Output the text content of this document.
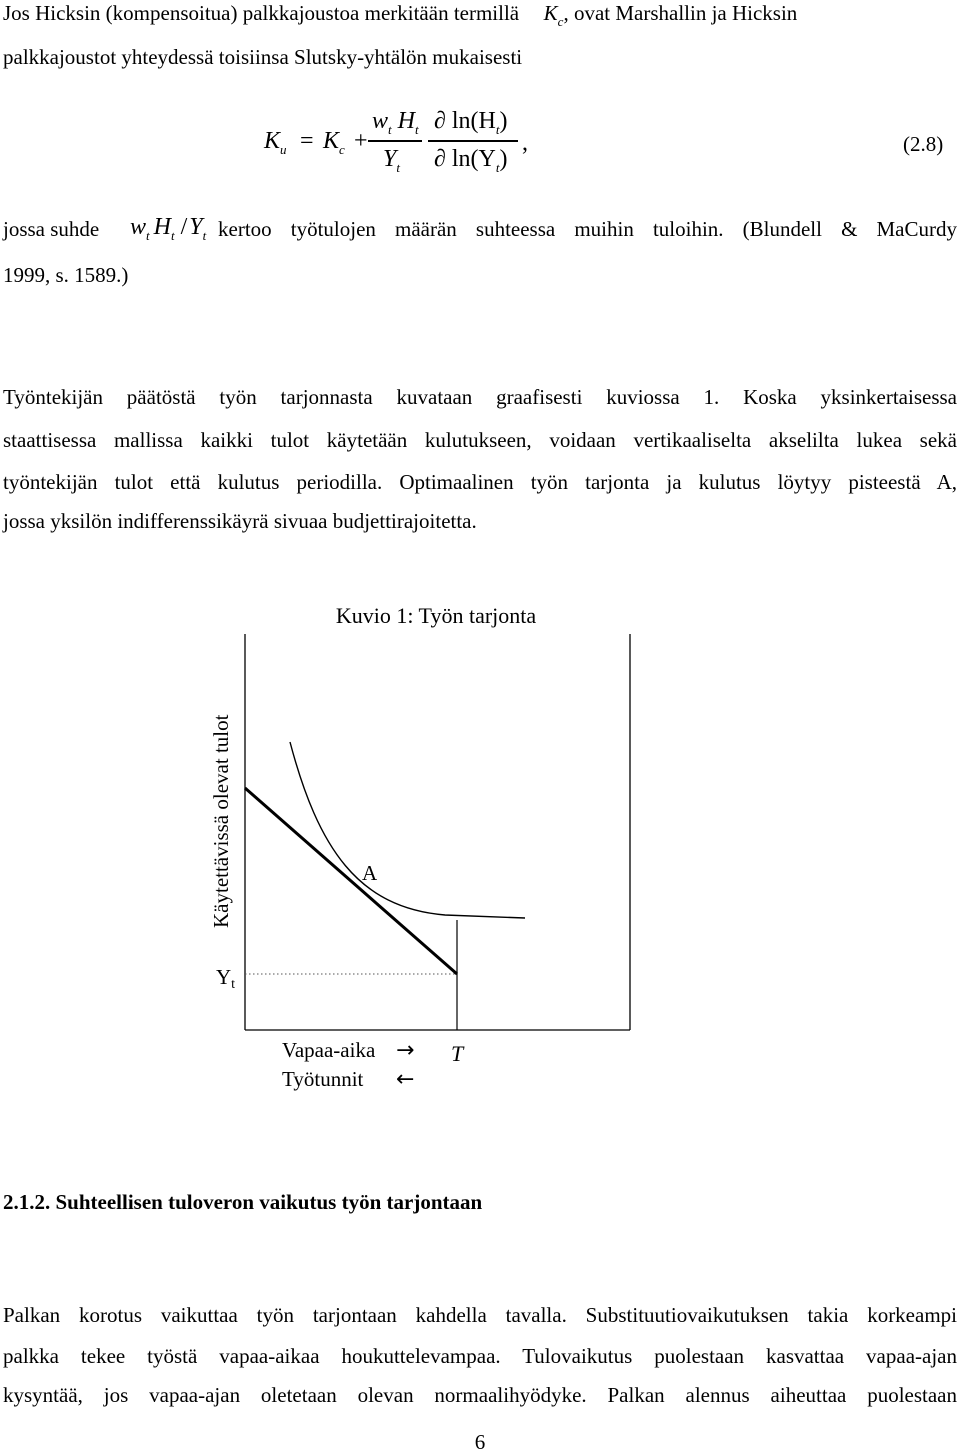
Jos Hicksin (kompensoitua) palkkajoustoa merkitään termillä $K_c$, ovat Marshallin ja Hicksin
palkkajoustot yhteydessä toisiinsa Slutsky-yhtälön mukaisesti
$K_u = K_c$ +
$w_t$ $H_t$
$Y_t$
∂ $\ln(H_t)$
∂ $\ln(Y_t)$
,	(2.8)
jossa suhde $w_t$ $H_t$ $/Y_t$ kertoo työtulojen määrän suhteessa muihin tuloihin. (Blundell & MaCurdy
1999, s. 1589.)
Työntekijän päätöstä työn tarjonnasta kuvataan graafisesti kuviossa 1. Koska yksinkertaisessa
staattisessa mallissa kaikki tulot käytetään kulutukseen, voidaan vertikaaliselta akselilta lukea sekä
työntekijän tulot että kulutus periodilla. Optimaalinen työn tarjonta ja kulutus löytyy pisteestä A,
jossa yksilön indifferenssikäyrä sivuaa budjettirajoitetta.
Kuvio 1: Työn tarjonta
A
Käytettävissä olevat tulot
Yt
Vapaa-aika → T
Työtunnit ←
2.1.2. Suhteellisen tuloveron vaikutus työn tarjontaan
Palkan korotus vaikuttaa työn tarjontaan kahdella tavalla. Substituutiovaikutuksen takia korkeampi
palkka tekee työstä vapaa-aikaa houkuttelevampaa. Tulovaikutus puolestaan kasvattaa vapaa-ajan
kysyntää, jos vapaa-ajan oletetaan olevan normaalihyödyke. Palkan alennus aiheuttaa puolestaan
6
